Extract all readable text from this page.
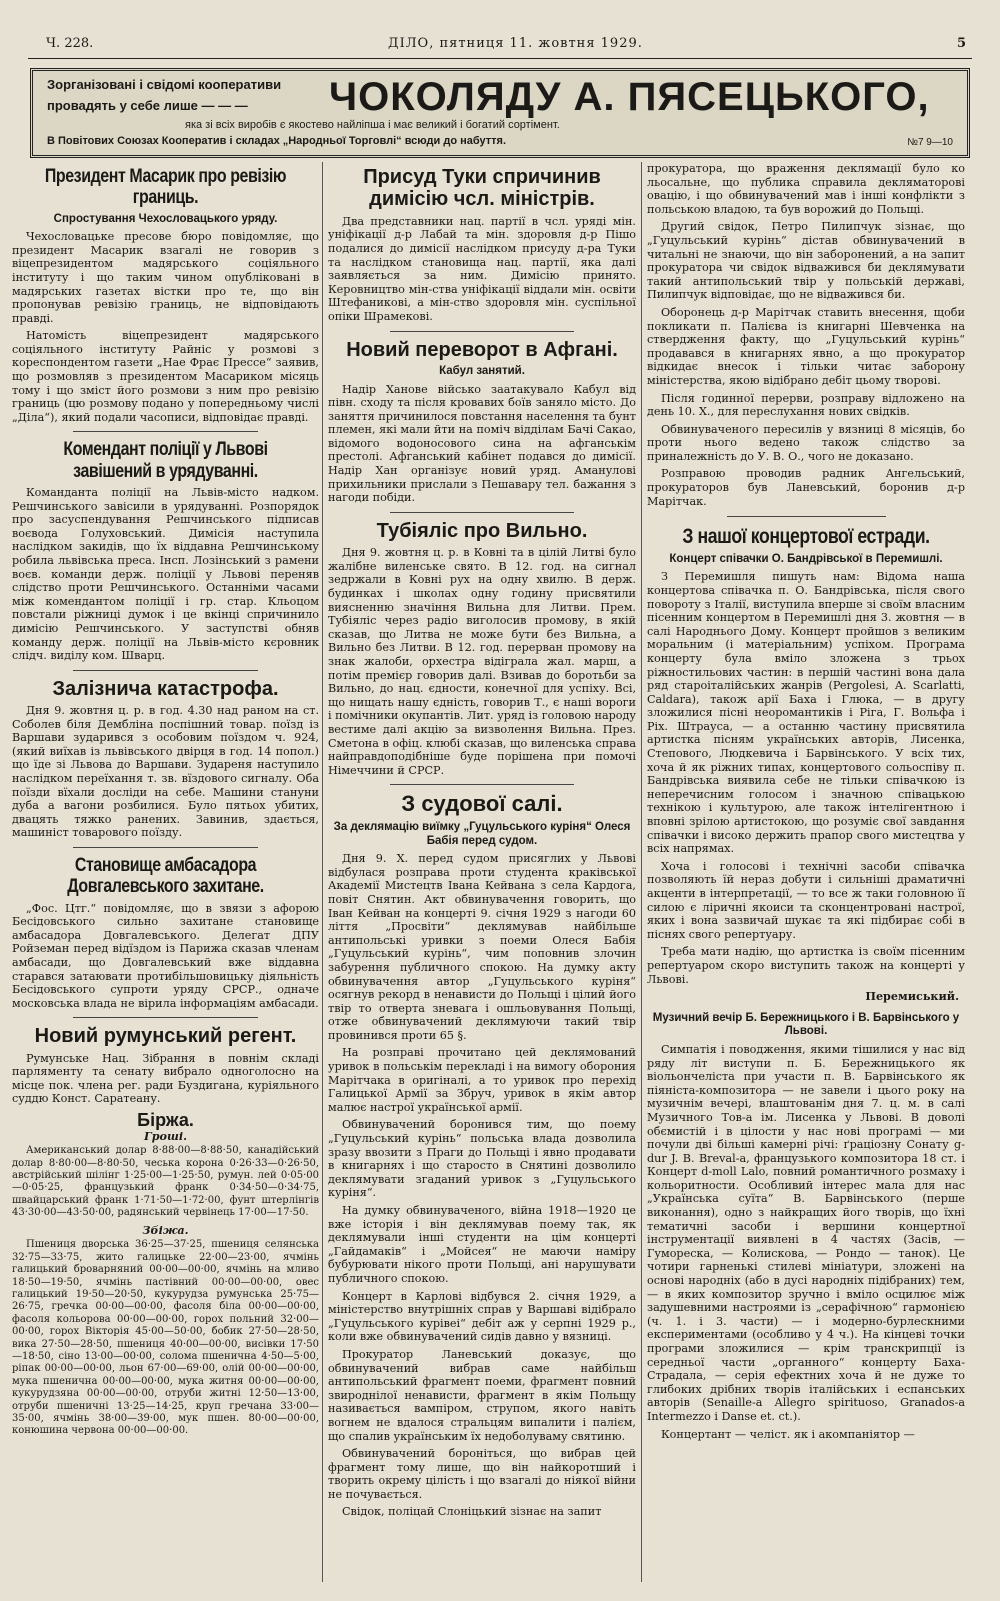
Ч. 228.	ДІЛО, пятниця 11. жовтня 1929.	5
Зорганізовані і свідомі кооперативи
провадять у себе лише — — — ЧОКОЛЯДУ А. ПЯСЕЦЬКОГО,
яка зі всіх виробів є якостево найліпша і має великий і богатий сортімент.
В Повітових Союзах Кооператив і складах „Народньої Торговлі“ всюди до набуття.	№7 9—10
Президент Масарик про ревізію границь.
Спростування Чехословацького уряду.

Чехословацьке пресове бюро повідомляє, що президент Масарик взагалі не говорив з віцепрезидентом мадярського соціяльного інституту і що таким чином опубліковані в мадярських газетах вістки про те, що він пропонував ревізію границь, не відповідають правді.

Натомість віцепрезидент мадярського соціяльного інституту Райніс у розмові з кореспондентом газети „Нае Фрає Прессе“ заявив, що розмовляв з президентом Масариком місяць тому і що зміст його розмови з ним про ревізію границь (цю розмову подано у попередньому числі „Діла“), який подали часописи, відповідає правді.

Комендант поліції у Львові завішений в урядуванні.

Команданта поліції на Львів-місто надком. Решчинського завісили в урядуванні. Розпорядок про засуспендування Решчинського підписав воєвода Голуховський. Димісія наступила наслідком закидів, що їх віддавна Решчинському робила львівська преса. Інсп. Лозінський з рамени воєв. команди держ. поліції у Львові переняв слідство проти Решчинського. Останніми часами між комендантом поліції і гр. стар. Кльоцом повстали ріжниці думок і це вкінці спричинило димісію Решчинського. У заступстві обняв команду держ. поліції на Львів-місто кєровник слідч. виділу ком. Шварц.

Залізнича катастрофа.

Дня 9. жовтня ц. р. в год. 4.30 над раном на ст. Соболев біля Дембліна поспішний товар. поїзд із Варшави зударився з особовим поїздом ч. 924, (який виїхав із львівського двірця в год. 14 попол.) що їде зі Львова до Варшави. Зудареня наступило наслідком переїхання т. зв. вїздового сигналу. Оба поїзди вїхали досліди на себе. Машини стануни дуба а вагони розбилися. Було пятьох убитих, двацять тяжко ранених. Завинив, здається, машиніст товарового поїзду.

Становище амбасадора Довгалевського захитане.

„Фос. Цтг.“ повідомляє, що в звязи з афорою Бесідовського сильно захитане становище амбасадора Довгалевського. Делегат ДПУ Ройземан перед відїздом із Парижа сказав членам амбасади, що Довгалевський вже віддавна старався затаювати протибільшовицьку діяльність Бесідовського супроти уряду СРСР., одначе московська влада не вірила інформаціям амбасади.

Новий румунський регент.

Румунське Нац. Зібрання в повнім складі парляменту та сенату вибрало одноголосно на місце пок. члена рег. ради Буздигана, куріяльного суддю Конст. Саратеану.

Біржа.
Гроші.

Американський долар 8·88·00—8·88·50, канадійський долар 8·80·00—8·80·50, чеська корона 0·26·33—0·26·50, австрійський шілінг 1·25·00—1·25·50, румун. лей 0·05·00—0·05·25, французький франк 0·34·50—0·34·75, швайцарський франк 1·71·50—1·72·00, фунт штерлінгів 43·30·00—43·50·00, радянський червінець 17·00—17·50.

Збіжа.

Пшениця дворська 36·25—37·25, пшениця селянська 32·75—33·75, жито галицьке 22·00—23·00, ячмінь галицький броварняний 00·00—00·00, ячмінь на мливо 18·50—19·50, ячмінь пастівний 00·00—00·00, овес галицький 19·50—20·50, кукурудза румунська 25·75—26·75, гречка 00·00—00·00, фасоля біла 00·00—00·00, фасоля кольорова 00·00—00·00, горох польний 32·00—00·00, горох Вікторія 45·00—50·00, бобик 27·50—28·50, вика 27·50—28·50, пшениця 40·00—00·00, висівки 17·50—18·50, сіно 13·00—00·00, солома пшенична 4·50—5·00, ріпак 00·00—00·00, льон 67·00—69·00, олій 00·00—00·00, мука пшенична 00·00—00·00, мука житня 00·00—00·00, кукурудзяна 00·00—00·00, отруби житні 12·50—13·00, отруби пшеничні 13·25—14·25, круп гречана 33·00—35·00, ячмінь 38·00—39·00, мук пшен. 80·00—00·00, конюшина червона 00·00—00·00.

Присуд Туки спричинив димісію чсл. міністрів.

Два представники нац. партії в чсл. уряді мін. уніфікації д-р Лабай та мін. здоровля д-р Пішо подалися до димісії наслідком присуду д-ра Туки та наслідком становища нац. партії, яка далі заявляється за ним. Димісію принято. Керовництво мін-ства уніфікації віддали мін. освіти Штефаникові, а мін-ство здоровля мін. суспільної опіки Шрамекові.

Новий переворот в Афгані.
Кабул занятий.

Надір Ханове військо заатакувало Кабул від півн. сходу та після кровавих боїв заняло місто. До заняття причинилося повстання населення та бунт племен, які мали йти на поміч відділам Бачі Сакао, відомого водоносового сина на афганськім престолі. Афганський кабінет подався до димісії. Надір Хан організує новий уряд. Аманулові прихильники прислали з Пешавару тел. бажання з нагоди побіди.

Тубіяліс про Вильно.

Дня 9. жовтня ц. р. в Ковні та в цілій Литві було жалібне виленське свято. В 12. год. на сигнал зедржали в Ковні рух на одну хвилю. В держ. будинках і школах одну годину присвятили виясненню значіння Вильна для Литви. Прем. Тубіяліс через радіо виголосив промову, в якій сказав, що Литва не може бути без Вильна, а Вильно без Литви. В 12. год. перерван промову на знак жалоби, орхестра відіграла жал. марш, а потім премієр говорив далі. Взивав до боротьби за Вильно, до нац. єдности, конечної для успіху. Всі, що нищать нашу єдність, говорив Т., є наші вороги і помічники окупантів. Лит. уряд із головою народу вестиме далі акцію за визволення Вильна. През. Сметона в офіц. клюбі сказав, що виленська справа найправдоподібніше буде порішена при помочі Німеччини й СРСР.

З судової салі.
За деклямацію виїмку „Гуцульського куріня“ Олеся Бабія перед судом.

Дня 9. Х. перед судом присяглих у Львові відбулася розправа проти студента краківської Академії Мистецтв Івана Кейвана з села Кардога, повіт Снятин. Акт обвинувачення говорить, що Іван Кейван на концерті 9. січня 1929 з нагоди 60 ліття „Просвіти“ деклямував найбільше антипольські уривки з поеми Олеся Бабія „Гуцульський курінь“, чим поповнив злочин забурення публичного спокою. На думку акту обвинувачення автор „Гуцульського куріня“ осягнув рекорд в ненависти до Польщі і цілий його твір то отверта зневага і ошльовування Польщі, отже обвинувачений деклямуючи такий твір провинився проти 65 §.

На розправі прочитано цей деклямований уривок в польськім перекладі і на вимогу оборония Марітчака в оригіналі, а то уривок про перехід Галицької Армії за Збруч, уривок в якім автор малює настрої української армії.

Обвинувачений боронився тим, що поему „Гуцульський курінь“ польська влада дозволила зразу ввозити з Праги до Польщі і явно продавати в книгарнях і що старосто в Снятині дозволило деклямувати згаданий уривок з „Гуцульського куріня“.

На думку обвинуваченого, війна 1918—1920 це вже історія і він деклямував поему так, як деклямували інші студенти на цім концерті „Гайдамаків“ і „Мойсея“ не маючи наміру бубурювати нікого проти Польщі, ані нарушувати публичного спокою.

Концерт в Карлові відбувся 2. січня 1929, а міністерство внутрішніх справ у Варшаві відібрало „Гуцульського курівеі“ дебіт аж у серпні 1929 р., коли вже обвинувачений сидів давно у вязниці.

Прокуратор Ланевський доказує, що обвинувачений вибрав саме найбільш антипольський фрагмент поеми, фрагмент повний звироднілої ненависти, фрагмент в якім Польщу називається вампіром, струпом, якого навіть вогнем не вдалося стральцям випалити і палієм, що спалив українським їх недоболуваму святиню.

Обвинувачений бороніться, що вибрав цей фрагмент тому лише, що він найкоротший і творить окрему цілість і що взагалі до ніякої війни не почувається.

Свідок, поліцай Слоніцький зізнає на запит

прокуратора, що враження деклямації було ко льосальне, що публика справила декляматорові овацію, і що обвинувачений мав і інші конфлікти з польською владою, та був ворожий до Польщі.

Другий свідок, Петро Пилипчук зізнає, що „Гуцульський курінь“ дістав обвинувачений в читальні не знаючи, що він заборонений, а на запит прокуратора чи свідок відважився би деклямувати такий антипольський твір у польській державі, Пилипчук відповідає, що не відважився би.

Оборонець д-р Марітчак ставить внесення, щоби покликати п. Палієва із книгарні Шевченка на ствердження факту, що „Гуцульський курінь“ продавався в книгарнях явно, а що прокуратор відкидає внесок і тільки читає заборону міністерства, якою відібрано дебіт цьому творові.

Після годинної перерви, розправу відложено на день 10. Х., для переслухання нових свідків.

Обвинуваченого пересилів у вязниці 8 місяців, бо проти нього ведено також слідство за приналежність до У. В. О., чого не доказано.

Розправою проводив радник Ангельський, прокураторов був Ланевський, боронив д-р Марітчак.

З нашої концертової естради.
Концерт співачки О. Бандрівської в Перемишлі.

З Перемишля пишуть нам: Відома наша концертова співачка п. О. Бандрівська, після свого повороту з Італії, виступила вперше зі своїм власним пісенним концертом в Перемишлі дня 3. жовтня — в салі Народнього Дому. Концерт пройшов з великим моральним (і матеріальним) успіхом. Програма концерту була вміло зложена з трьох ріжностильових частин: в першій частині вона дала ряд староіталійських жанрів (Pergolesi, A. Scarlatti, Caldara), також арії Баха і Глюка, — в другу зложилися пісні неоромантиків і Ріга, Г. Вольфа і Ріх. Штрауса, — а останню частину присвятила артистка пісням українських авторів, Лисенка, Степового, Людкевича і Барвінського. У всіх тих, хоча й як ріжних типах, концертового сольоспіву п. Бандрівська виявила себе не тільки співачкою із неперечисним голосом і значною співацькою технікою і культурою, але також інтелігентною і вповні зрілою артистокою, що розуміє свої завдання співачки і високо держить прапор свого мистецтва у всіх напрямах.

Хоча і голосові і технічні засоби співачка позволяють їй нераз добути і сильніші драматичні акценти в інтерпретації, — то все ж таки головною її силою є ліричні якоиси та сконцентровані настрої, яких і вона зазвичай шукає та які підбирає собі в піснях свого репертуару.

Треба мати надію, що артистка із своїм пісенним репертуаром скоро виступить також на концерті у Львові.

Перемиський.
Музичний вечір Б. Бережницького і В. Барвінського у Львові.

Симпатія і поводження, якими тішилися у нас від ряду літ виступи п. Б. Бережницького як віольончеліста при участи п. В. Барвінського як піяніста-композитора — не завели і цього року на музичнім вечері, влаштованім дня 7. ц. м. в салі Музичного Тов-а ім. Лисенка у Львові. В доволі обємистій і в цілости у нас нові програмі — ми почули дві більші камерні річі: ґраціозну Сонату g-dur J. B. Breval-а, французького композитора 18 ст. і Концерт d-moll Lalo, повний романтичного розмаху і кольоритности. Особливий інтерес мала для нас „Українська суїта“ В. Барвінського (перше виконання), одно з найкращих його творів, що їхні тематичні засоби і вершини концертної інструментації виявлені в 4 частях (Засів, — Гумореска, — Колискова, — Рондо — танок). Це чотири гарненькі стилеві мініатури, зложені на основі народніх (або в дусі народніх підібраних) тем, — в яких композитор зручно і вміло осцилює між задушевними настроями із „серафічною“ гармонією (ч. 1. і 3. части) — і модерно-бурлескними експериментами (особливо у 4 ч.). На кінцеві точки програми зложилися — крім транскрипції із середньої части „органного“ концерту Баха-Страдала, — серія ефектних хоча й не дуже то глибоких дрібних творів італійських і еспанських авторів (Senaille-a Allegro spirituoso, Granados-a Intermezzo і Danse et. ct.).

Концертант — челіст. як і акомпаніятор —
